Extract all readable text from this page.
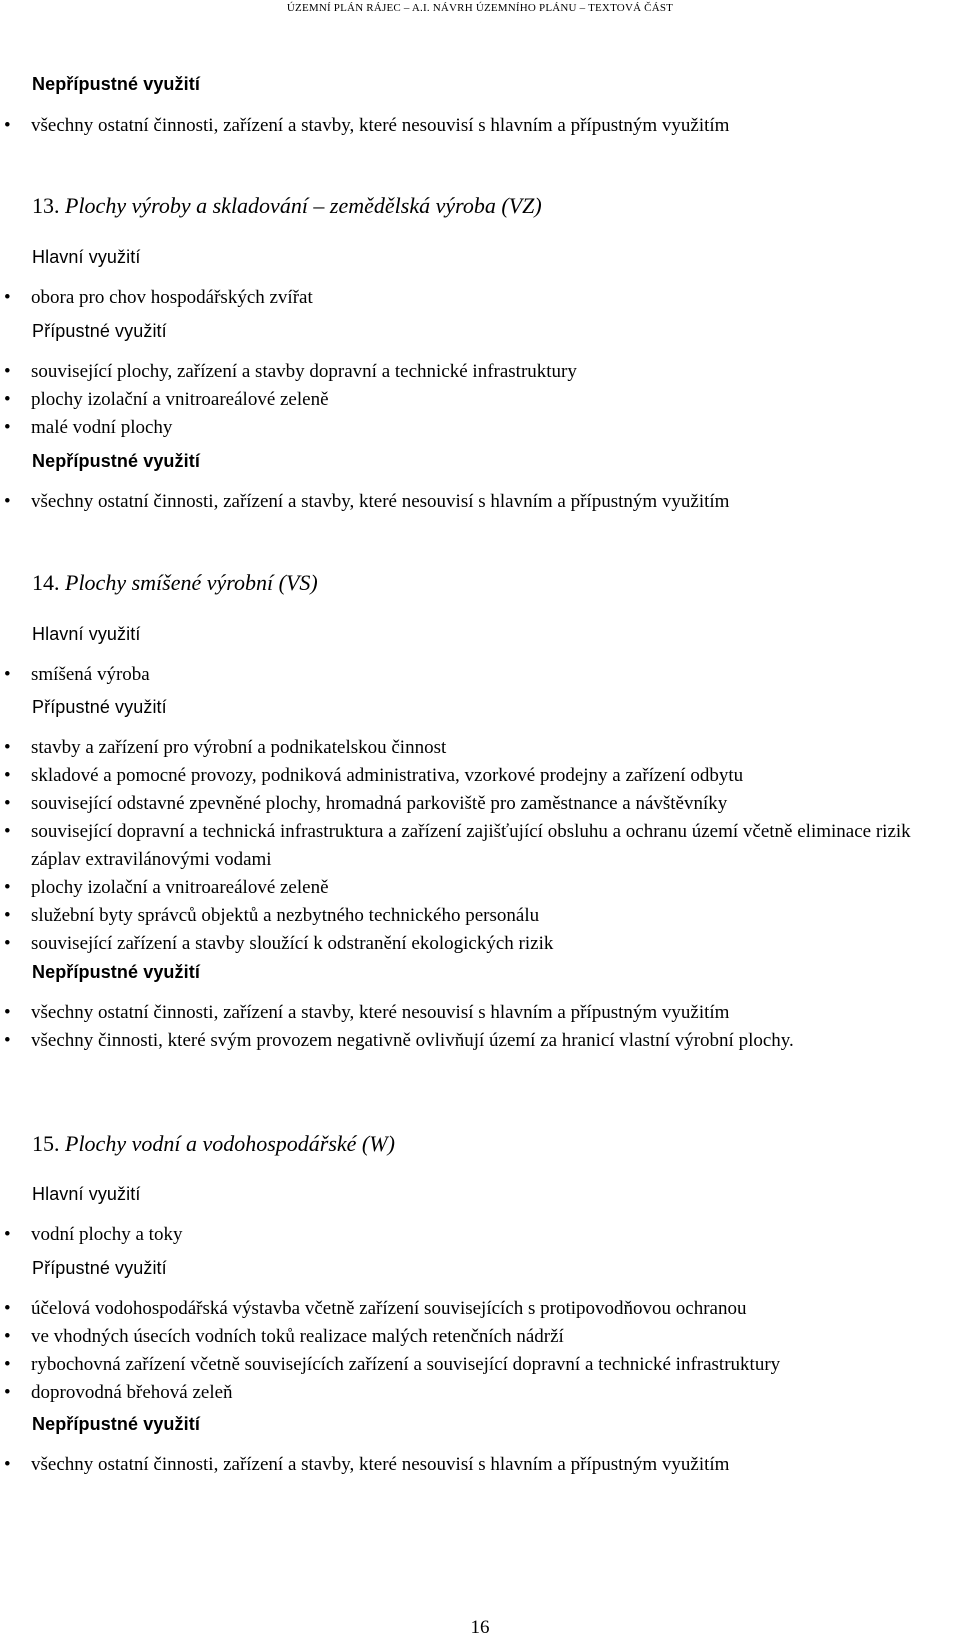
ÚZEMNÍ PLÁN RÁJEC – A.I. NÁVRH ÚZEMNÍHO PLÁNU – TEXTOVÁ ČÁST
Nepřípustné využití
• všechny ostatní činnosti, zařízení a stavby, které nesouvisí s hlavním a přípustným využitím
13. Plochy výroby a skladování – zemědělská výroba (VZ)
Hlavní využití
• obora pro chov hospodářských zvířat
Přípustné využití
• související plochy, zařízení a stavby dopravní a technické infrastruktury
• plochy izolační a vnitroareálové zeleně
• malé vodní plochy
Nepřípustné využití
• všechny ostatní činnosti, zařízení a stavby, které nesouvisí s hlavním a přípustným využitím
14. Plochy smíšené výrobní (VS)
Hlavní využití
• smíšená výroba
Přípustné využití
• stavby a zařízení pro výrobní a podnikatelskou činnost
• skladové a pomocné provozy, podniková administrativa, vzorkové prodejny a zařízení odbytu
• související odstavné zpevněné plochy, hromadná parkoviště pro zaměstnance a návštěvníky
• související dopravní a technická infrastruktura a zařízení zajišťující obsluhu a ochranu území včetně eliminace rizik záplav extravilánovými vodami
• plochy izolační a vnitroareálové zeleně
• služební byty správců objektů a nezbytného technického personálu
• související zařízení a stavby sloužící k odstranění ekologických rizik
Nepřípustné využití
• všechny ostatní činnosti, zařízení a stavby, které nesouvisí s hlavním a přípustným využitím
• všechny činnosti, které svým provozem negativně ovlivňují území za hranicí vlastní výrobní plochy.
15. Plochy vodní a vodohospodářské (W)
Hlavní využití
• vodní plochy a toky
Přípustné využití
• účelová vodohospodářská výstavba včetně zařízení souvisejících s protipovodňovou ochranou
• ve vhodných úsecích vodních toků realizace malých retenčních nádrží
• rybochovná zařízení včetně souvisejících zařízení a související dopravní a technické infrastruktury
• doprovodná břehová zeleň
Nepřípustné využití
• všechny ostatní činnosti, zařízení a stavby, které nesouvisí s hlavním a přípustným využitím
16
